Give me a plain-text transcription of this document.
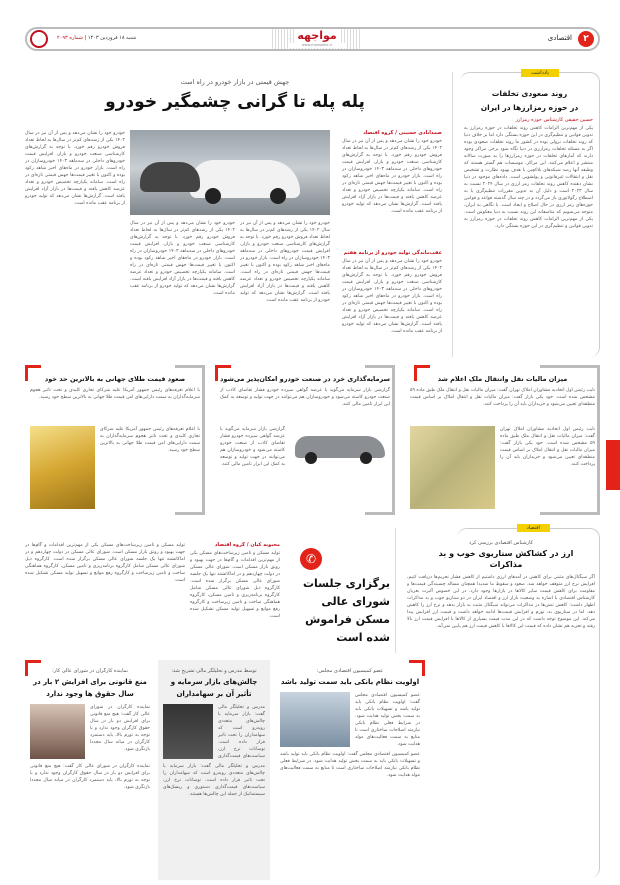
۲
اقتصادی
مواجهه
www.movajehe.ir
شنبه ۱۸ فروردین ۱۴۰۳ | شماره ۲۰۹۳
یادداشت
روند صعودی تخلفات
در حوزه رمزارزها در ایران
حسین حقیقی کارشناس حوزه رمزارز
یکی از مهم‌ترین الزامات کاهش روند تخلفات در حوزه رمزارز به تدوین قوانین و تنظیم‌گری در این حوزه بستگی دارد اما بر خلاف دنیا که روند تخلفات نزولی بوده در کشور ما روند تخلفات صعودی بوده اگر به مسئله تخلفات رمزارزی در دنیا نگاه شود برخی مراکز وجود دارند که آمارهای تخلفات در حوزه رمزارزها را به صورت سالانه منتشر و اعلام می‌کنند. این مراکز، موسسات هم گستر هستند که وظیفه آنها رصد شبکه‌های بلاکچین با هدف بهبود نظارت و تشخیص نقل و انتقالات غیرقانونی و پولشویی است. داده‌های موجود در دنیا نشان دهنده کاهش روند تخلفات رمز ارزی در سال ۲۰۲۴ نسبت به سال ۲۰۲۳ است و دلیل آن به تدوین مقررات تنظیم‌گری یا به اصطلاح رگولاتوری باز می‌گردد و در چند سال گذشته قواعد و قوانین حوزه‌های رمز ارزی در حال اصلاح و ایجاد است. با نگاهی به ایران، متوجه می‌شویم که متاسفانه این روند نسبت به دنیا معکوس است. یکی از مهم‌ترین الزامات کاهش روند تخلفات در حوزه رمزارز به تدوین قوانین و تنظیم‌گری در این حوزه بستگی دارد.
جهش قیمتی در بازار خودرو در راه است
پله پله تا گرانی چشمگیر خودرو
صمدابادی حسینی / گروه اقتصاد
خودرو خود را نشان می‌دهد و پس از آن نیز در سال ۱۴۰۲ یکی از رشدهای کم‌تر در سال‌ها به لحاظ تعداد فروش خودرو رقم خورد. با توجه به گزارش‌های کارشناسی صنعت خودرو و بازار، افزایش قیمت خودروهای داخلی در سه‌ماهه ۱۴۰۳ خودروسازان در راه است. بازار خودرو در ماه‌های اخیر شاهد رکود بوده و اکنون با تغییر قیمت‌ها جهش قیمتی تازه‌ای در راه است. سامانه یکپارچه تخصیص خودرو و تعداد عرضه کاهش یافته و قیمت‌ها در بازار آزاد افزایش یافته است. گزارش‌ها نشان می‌دهد که تولید خودرو از برنامه عقب مانده است.
عقب‌ماندگی تولید خودرو از برنامه هفتم
خودرو خود را نشان می‌دهد و پس از آن نیز در سال ۱۴۰۲ یکی از رشدهای کم‌تر در سال‌ها به لحاظ تعداد فروش خودرو رقم خورد. با توجه به گزارش‌های کارشناسی صنعت خودرو و بازار، افزایش قیمت خودروهای داخلی در سه‌ماهه ۱۴۰۳ خودروسازان در راه است. بازار خودرو در ماه‌های اخیر شاهد رکود بوده و اکنون با تغییر قیمت‌ها جهش قیمتی تازه‌ای در راه است. سامانه یکپارچه تخصیص خودرو و تعداد عرضه کاهش یافته و قیمت‌ها در بازار آزاد افزایش یافته است. گزارش‌ها نشان می‌دهد که تولید خودرو از برنامه عقب مانده است.
خودرو خود را نشان می‌دهد و پس از آن نیز در سال ۱۴۰۲ یکی از رشدهای کم‌تر در سال‌ها به لحاظ تعداد فروش خودرو رقم خورد. با توجه به گزارش‌های کارشناسی صنعت خودرو و بازار، افزایش قیمت خودروهای داخلی در سه‌ماهه ۱۴۰۳ خودروسازان در راه است. بازار خودرو در ماه‌های اخیر شاهد رکود بوده و اکنون با تغییر قیمت‌ها جهش قیمتی تازه‌ای در راه است. سامانه یکپارچه تخصیص خودرو و تعداد عرضه کاهش یافته و قیمت‌ها در بازار آزاد افزایش یافته است. گزارش‌ها نشان می‌دهد که تولید خودرو از برنامه عقب مانده است.
خودرو خود را نشان می‌دهد و پس از آن نیز در سال ۱۴۰۲ یکی از رشدهای کم‌تر در سال‌ها به لحاظ تعداد فروش خودرو رقم خورد. با توجه به گزارش‌های کارشناسی صنعت خودرو و بازار، افزایش قیمت خودروهای داخلی در سه‌ماهه ۱۴۰۳ خودروسازان در راه است. بازار خودرو در ماه‌های اخیر شاهد رکود بوده و اکنون با تغییر قیمت‌ها جهش قیمتی تازه‌ای در راه است. سامانه یکپارچه تخصیص خودرو و تعداد عرضه کاهش یافته و قیمت‌ها در بازار آزاد افزایش یافته است. گزارش‌ها نشان می‌دهد که تولید خودرو از برنامه عقب مانده است.
خودرو خود را نشان می‌دهد و پس از آن نیز در سال ۱۴۰۲ یکی از رشدهای کم‌تر در سال‌ها به لحاظ تعداد فروش خودرو رقم خورد. با توجه به گزارش‌های کارشناسی صنعت خودرو و بازار، افزایش قیمت خودروهای داخلی در سه‌ماهه ۱۴۰۳ خودروسازان در راه است. بازار خودرو در ماه‌های اخیر شاهد رکود بوده و اکنون با تغییر قیمت‌ها جهش قیمتی تازه‌ای در راه است. سامانه یکپارچه تخصیص خودرو و تعداد عرضه کاهش یافته و قیمت‌ها در بازار آزاد افزایش یافته است. گزارش‌ها نشان می‌دهد که تولید خودرو از برنامه عقب مانده است.
میزان مالیات نقل وانتقال ملک اعلام شد
نایب رئیس اول اتحادیه مشاوران املاک تهران گفت: میزان مالیات نقل و انتقال ملک طبق ماده ۵۹ مشخص شده است. خود یکی بازار گفت: میزان مالیات نقل و انتقال املاک بر اساس قیمت منطقه‌ای تعیین می‌شود و خریداران باید آن را پرداخت کنند.
نایب رئیس اول اتحادیه مشاوران املاک تهران گفت: میزان مالیات نقل و انتقال ملک طبق ماده ۵۹ مشخص شده است. خود یکی بازار گفت: میزان مالیات نقل و انتقال املاک بر اساس قیمت منطقه‌ای تعیین می‌شود و خریداران باید آن را پرداخت کنند.
سرمایه‌گذاری خرد در صنعت خودرو امکان‌پذیر می‌شود
گزارشی بازار سرمایه می‌گوید با عرضه گواهی سپرده خودرو فشار تقاضای کاذب از صنعت خودرو کاسته می‌شود و خودروسازان هم می‌توانند در جهت تولید و توسعه به کمک این ابزار تامین مالی کنند.
گزارشی بازار سرمایه می‌گوید با عرضه گواهی سپرده خودرو فشار تقاضای کاذب از صنعت خودرو کاسته می‌شود و خودروسازان هم می‌توانند در جهت تولید و توسعه به کمک این ابزار تامین مالی کنند.
صعود قیمت طلای جهانی به بالاترین حد خود
با اعلام تعرفه‌های رئیس جمهور آمریکا علیه شرکای تجاری کلیدی و تحت تاثیر هجوم سرمایه‌گذاران به سمت دارایی‌های امن قیمت طلا جهانی به بالاترین سطح خود رسید.
با اعلام تعرفه‌های رئیس جمهور آمریکا علیه شرکای تجاری کلیدی و تحت تاثیر هجوم سرمایه‌گذاران به سمت دارایی‌های امن قیمت طلا جهانی به بالاترین سطح خود رسید.
اقتصاد
کارشناس اقتصادی بررسی کرد
ارز در کشاکش سناریوی خوب و بد مذاکرات
اگر سیگنال‌های مثبتی برای کاهش در آمدهای ارزی داشتیم از کاهش فشار تحریم‌ها دریافت کنیم، افزایش نرخ ارز متوقف خواهد شد. صعود و سقوط ما شدیدا همچنان مساله چسبندگی قیمت‌ها و مقاومت برای کاهش قیمت سایر کالاها در بازارها وجود دارد. در این خصوص آلبرت بغزیان کارشناس اقتصادی با اشاره به وضعیت بازار ارز و اقتصاد ایران در دو سناریو خوب و بد مذاکرات اظهار داشت: کاهش تنش‌ها در مذاکرات می‌تواند سیگنال مثبت به بازار بدهد و نرخ ارز را کاهش دهد. اما در سناریوی بد، تورم و افزایش قیمت‌ها ادامه خواهد داشت و قیمت ارز افزایش پیدا می‌کند. این موضوع توجه داشت که در این مدت قیمت بسیاری از کالاها با افزایش قیمت ارز بالا رفته و تجربه هم نشان داده که قیمت این کالاها با کاهش قیمت ارز هم پایین نمی‌آید.
✆
برگزاری جلسات شورای عالی مسکن فراموش شده است
محبوبه کیان / گروه اقتصاد
تولید مسکن و تامین زیرساخت‌های مسکن یکی از مهم‌ترین اقدامات و گام‌ها در جهت بهبود و رونق بازار مسکن است. شورای عالی مسکن در دولت چهاردهم و در اماکانشته تنها یک جلسه شورای عالی مسکن برگزار شده است. کارگروه ذیل شورای عالی مسکن شامل کارگروه برنامه‌ریزی و تامین مسکن، کارگروه هماهنگی ساخت و تامین زیرساخت و کارگروه رفع موانع و تسهیل تولید مسکن تشکیل شده است.
تولید مسکن و تامین زیرساخت‌های مسکن یکی از مهم‌ترین اقدامات و گام‌ها در جهت بهبود و رونق بازار مسکن است. شورای عالی مسکن در دولت چهاردهم و در اماکانشته تنها یک جلسه شورای عالی مسکن برگزار شده است. کارگروه ذیل شورای عالی مسکن شامل کارگروه برنامه‌ریزی و تامین مسکن، کارگروه هماهنگی ساخت و تامین زیرساخت و کارگروه رفع موانع و تسهیل تولید مسکن تشکیل شده است.
عضو کمیسیون اقتصادی مجلس:
اولویت نظام بانکی باید سمت تولید باشد
عضو کمیسیون اقتصادی مجلس گفت: اولویت نظام بانکی باید تولید باشد و تسهیلات بانکی باید به سمت بخش تولید هدایت شود. در شرایط فعلی نظام بانکی نیازمند اصلاحات ساختاری است تا منابع به سمت فعالیت‌های مولد هدایت شود.
عضو کمیسیون اقتصادی مجلس گفت: اولویت نظام بانکی باید تولید باشد و تسهیلات بانکی باید به سمت بخش تولید هدایت شود. در شرایط فعلی نظام بانکی نیازمند اصلاحات ساختاری است تا منابع به سمت فعالیت‌های مولد هدایت شود.
توسط مدرس و تحلیلگر مالی تشریح شد:
چالش‌های بازار سرمایه و تأثیر آن بر سهامداران
مدرس و تحلیلگر مالی گفت: بازار سرمایه با چالش‌های متعددی روبه‌رو است که سهامداران را تحت تاثیر قرار داده است. نوسانات نرخ ارز، سیاست‌های قیمت‌گذاری
مدرس و تحلیلگر مالی گفت: بازار سرمایه با چالش‌های متعددی روبه‌رو است که سهامداران را تحت تاثیر قرار داده است. نوسانات نرخ ارز، سیاست‌های قیمت‌گذاری دستوری و ریسک‌های سیستماتیک از جمله این چالش‌ها هستند.
نماینده کارگران در شورای عالی کار:
منع قانونی برای افزایش ۲ بار در سال حقوق ها وجود ندارد
نماینده کارگران در شورای عالی کار گفت: هیچ منع قانونی برای افزایش دو بار در سال حقوق کارگران وجود ندارد و با توجه به تورم بالا، باید دستمزد کارگران در میانه سال مجددا بازنگری شود.
نماینده کارگران در شورای عالی کار گفت: هیچ منع قانونی برای افزایش دو بار در سال حقوق کارگران وجود ندارد و با توجه به تورم بالا، باید دستمزد کارگران در میانه سال مجددا بازنگری شود.
